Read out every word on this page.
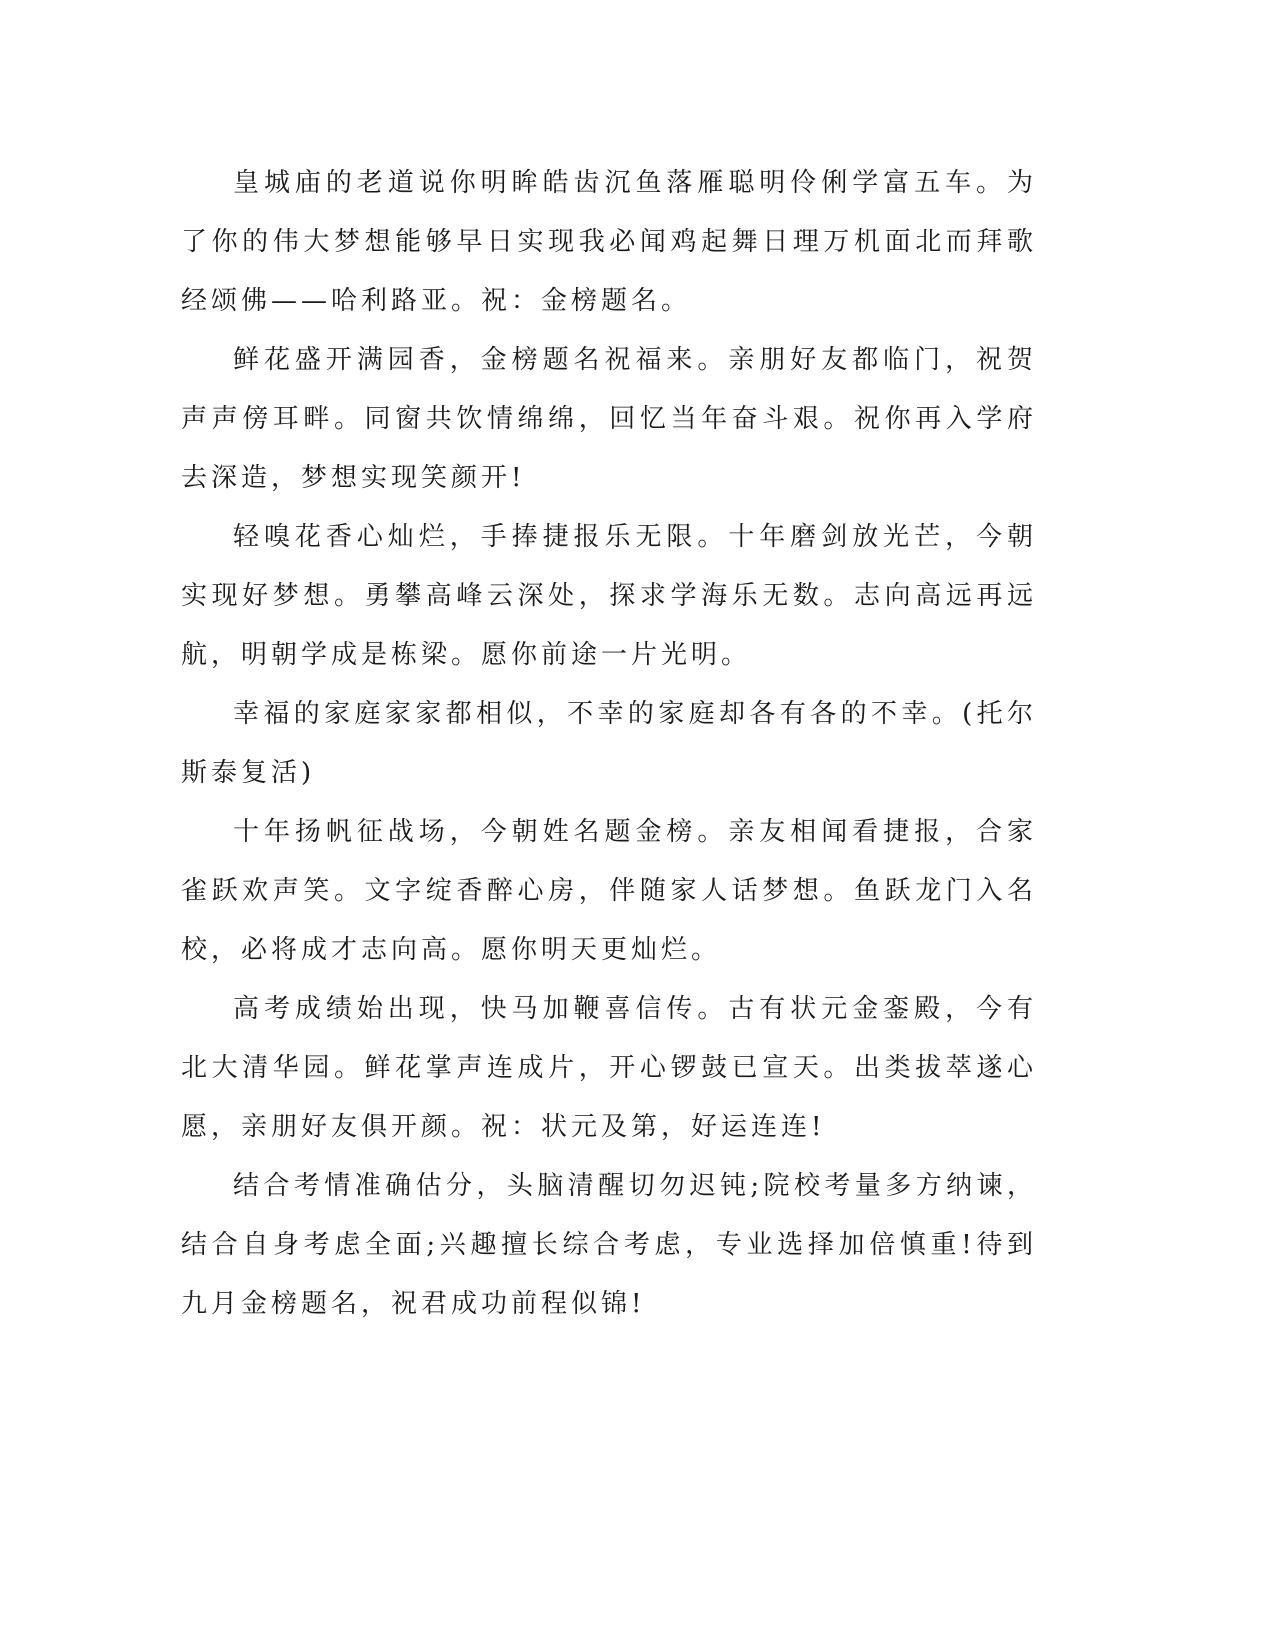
皇城庙的老道说你明眸皓齿沉鱼落雁聪明伶俐学富五车。为了你的伟大梦想能够早日实现我必闻鸡起舞日理万机面北而拜歌经颂佛——哈利路亚。祝：金榜题名。

鲜花盛开满园香，金榜题名祝福来。亲朋好友都临门，祝贺声声傍耳畔。同窗共饮情绵绵，回忆当年奋斗艰。祝你再入学府去深造，梦想实现笑颜开!

轻嗅花香心灿烂，手捧捷报乐无限。十年磨剑放光芒，今朝实现好梦想。勇攀高峰云深处，探求学海乐无数。志向高远再远航，明朝学成是栋梁。愿你前途一片光明。

幸福的家庭家家都相似，不幸的家庭却各有各的不幸。(托尔斯泰复活)

十年扬帆征战场，今朝姓名题金榜。亲友相闻看捷报，合家雀跃欢声笑。文字绽香醉心房，伴随家人话梦想。鱼跃龙门入名校，必将成才志向高。愿你明天更灿烂。

高考成绩始出现，快马加鞭喜信传。古有状元金銮殿，今有北大清华园。鲜花掌声连成片，开心锣鼓已宣天。出类拔萃遂心愿，亲朋好友俱开颜。祝：状元及第，好运连连!

结合考情准确估分，头脑清醒切勿迟钝;院校考量多方纳谏，结合自身考虑全面;兴趣擅长综合考虑，专业选择加倍慎重!待到九月金榜题名，祝君成功前程似锦!
